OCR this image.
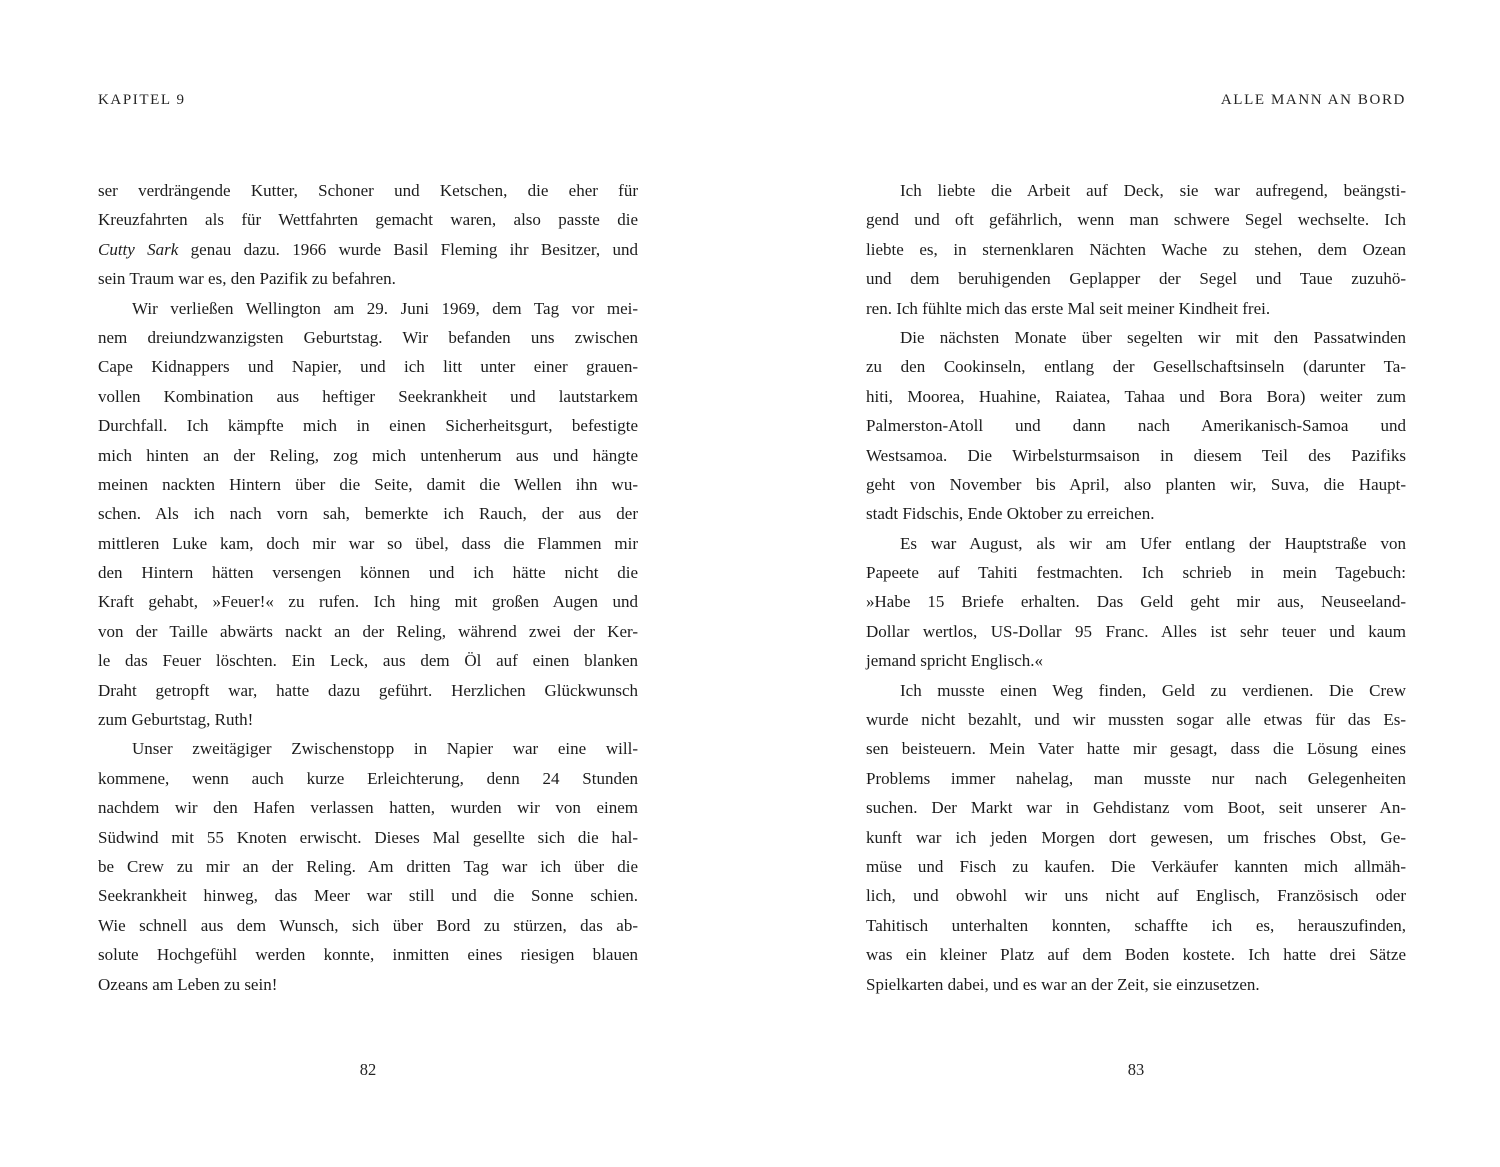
KAPITEL 9
ser verdrängende Kutter, Schoner und Ketschen, die eher für
Kreuzfahrten als für Wettfahrten gemacht waren, also passte die
Cutty Sark genau dazu. 1966 wurde Basil Fleming ihr Besitzer, und
sein Traum war es, den Pazifik zu befahren.
Wir verließen Wellington am 29. Juni 1969, dem Tag vor mei-
nem dreiundzwanzigsten Geburtstag. Wir befanden uns zwischen
Cape Kidnappers und Napier, und ich litt unter einer grauen-
vollen Kombination aus heftiger Seekrankheit und lautstarkem
Durchfall. Ich kämpfte mich in einen Sicherheitsgurt, befestigte
mich hinten an der Reling, zog mich untenherum aus und hängte
meinen nackten Hintern über die Seite, damit die Wellen ihn wu-
schen. Als ich nach vorn sah, bemerkte ich Rauch, der aus der
mittleren Luke kam, doch mir war so übel, dass die Flammen mir
den Hintern hätten versengen können und ich hätte nicht die
Kraft gehabt, »Feuer!« zu rufen. Ich hing mit großen Augen und
von der Taille abwärts nackt an der Reling, während zwei der Ker-
le das Feuer löschten. Ein Leck, aus dem Öl auf einen blanken
Draht getropft war, hatte dazu geführt. Herzlichen Glückwunsch
zum Geburtstag, Ruth!
Unser zweitägiger Zwischenstopp in Napier war eine will-
kommene, wenn auch kurze Erleichterung, denn 24 Stunden
nachdem wir den Hafen verlassen hatten, wurden wir von einem
Südwind mit 55 Knoten erwischt. Dieses Mal gesellte sich die hal-
be Crew zu mir an der Reling. Am dritten Tag war ich über die
Seekrankheit hinweg, das Meer war still und die Sonne schien.
Wie schnell aus dem Wunsch, sich über Bord zu stürzen, das ab-
solute Hochgefühl werden konnte, inmitten eines riesigen blauen
Ozeans am Leben zu sein!
82
ALLE MANN AN BORD
Ich liebte die Arbeit auf Deck, sie war aufregend, beängsti-
gend und oft gefährlich, wenn man schwere Segel wechselte. Ich
liebte es, in sternenklaren Nächten Wache zu stehen, dem Ozean
und dem beruhigenden Geplapper der Segel und Taue zuzuhö-
ren. Ich fühlte mich das erste Mal seit meiner Kindheit frei.
Die nächsten Monate über segelten wir mit den Passatwinden
zu den Cookinseln, entlang der Gesellschaftsinseln (darunter Ta-
hiti, Moorea, Huahine, Raiatea, Tahaa und Bora Bora) weiter zum
Palmerston-Atoll und dann nach Amerikanisch-Samoa und
Westsamoa. Die Wirbelsturmsaison in diesem Teil des Pazifiks
geht von November bis April, also planten wir, Suva, die Haupt-
stadt Fidschis, Ende Oktober zu erreichen.
Es war August, als wir am Ufer entlang der Hauptstraße von
Papeete auf Tahiti festmachten. Ich schrieb in mein Tagebuch:
»Habe 15 Briefe erhalten. Das Geld geht mir aus, Neuseeland-
Dollar wertlos, US-Dollar 95 Franc. Alles ist sehr teuer und kaum
jemand spricht Englisch.«
Ich musste einen Weg finden, Geld zu verdienen. Die Crew
wurde nicht bezahlt, und wir mussten sogar alle etwas für das Es-
sen beisteuern. Mein Vater hatte mir gesagt, dass die Lösung eines
Problems immer nahelag, man musste nur nach Gelegenheiten
suchen. Der Markt war in Gehdistanz vom Boot, seit unserer An-
kunft war ich jeden Morgen dort gewesen, um frisches Obst, Ge-
müse und Fisch zu kaufen. Die Verkäufer kannten mich allmäh-
lich, und obwohl wir uns nicht auf Englisch, Französisch oder
Tahitisch unterhalten konnten, schaffte ich es, herauszufinden,
was ein kleiner Platz auf dem Boden kostete. Ich hatte drei Sätze
Spielkarten dabei, und es war an der Zeit, sie einzusetzen.
83
